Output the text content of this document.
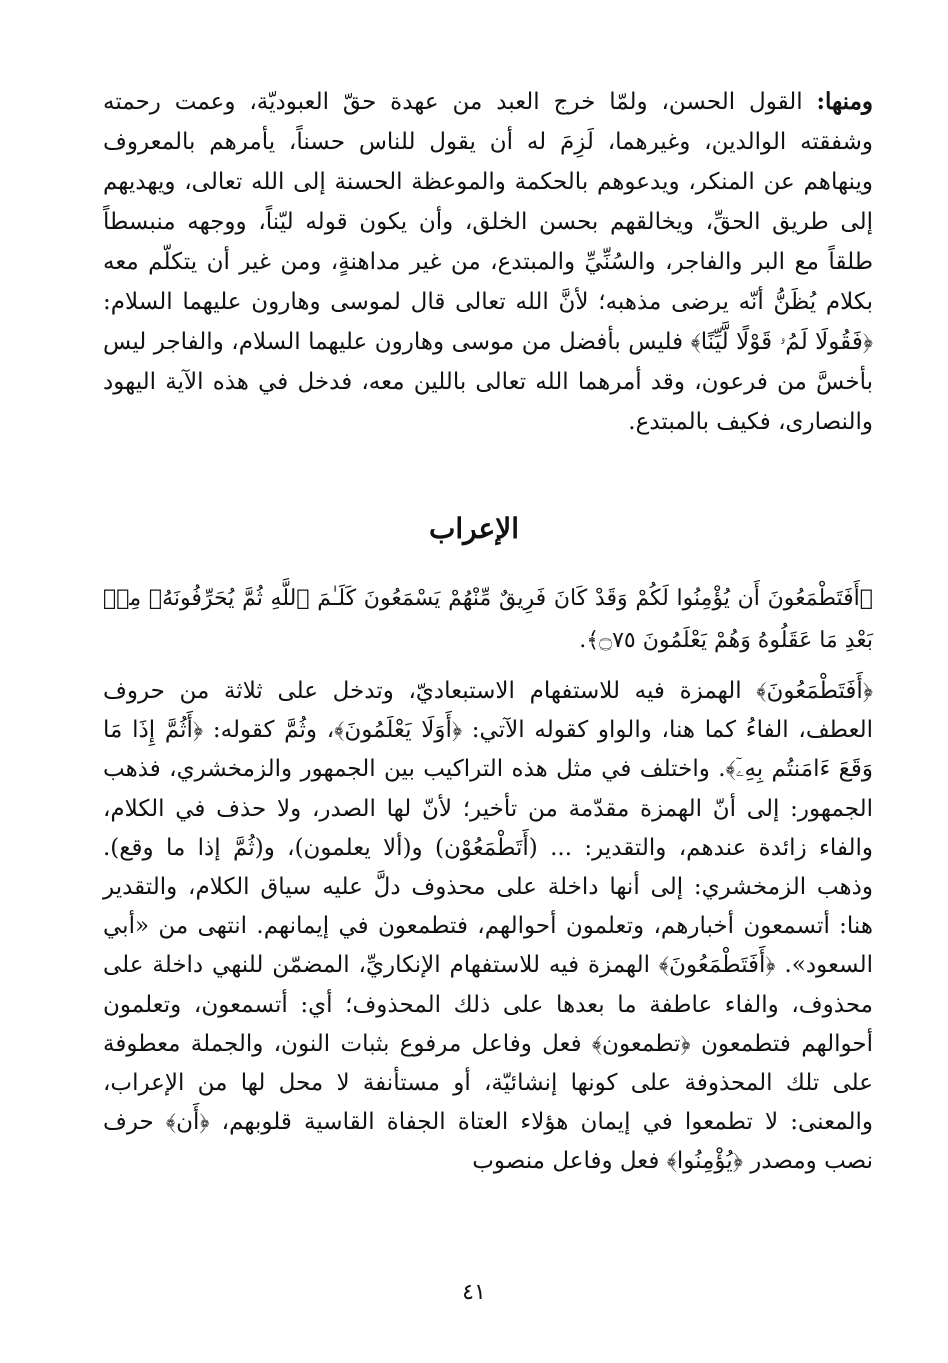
ومنها: القول الحسن، ولمّا خرج العبد من عهدة حقّ العبوديّة، وعمت رحمته وشفقته الوالدين، وغيرهما، لَزِمَ له أن يقول للناس حسناً، يأمرهم بالمعروف وينهاهم عن المنكر، ويدعوهم بالحكمة والموعظة الحسنة إلى الله تعالى، ويهديهم إلى طريق الحقِّ، ويخالقهم بحسن الخلق، وأن يكون قوله ليّناً، ووجهه منبسطاً طلقاً مع البر والفاجر، والسُنِّيِّ والمبتدع، من غير مداهنةٍ، ومن غير أن يتكلّم معه بكلام يُظَنُّ أنّه يرضى مذهبه؛ لأنَّ الله تعالى قال لموسى وهارون عليهما السلام: ﴿فَقُولَا لَمُۥ قَوْلًا لَّيِّنًا﴾ فليس بأفضل من موسى وهارون عليهما السلام، والفاجر ليس بأخسَّ من فرعون، وقد أمرهما الله تعالى باللين معه، فدخل في هذه الآية اليهود والنصارى، فكيف بالمبتدع.

الإعراب

﴿أَفَتَطْمَعُونَ أَن يُؤْمِنُوا لَكُمْ وَقَدْ كَانَ فَرِيقٌ مِّنْهُمْ يَسْمَعُونَ كَلَـٰمَ ٱللَّهِ ثُمَّ يُحَرِّفُونَهُۥ مِنۢ بَعْدِ مَا عَقَلُوهُ وَهُمْ يَعْلَمُونَ ۝٧٥﴾.

﴿أَفَتَطْمَعُونَ﴾ الهمزة فيه للاستفهام الاستبعاديّ، وتدخل على ثلاثة من حروف العطف، الفاءُ كما هنا، والواو كقوله الآتي: ﴿أَوَلَا يَعْلَمُونَ﴾، وثُمَّ كقوله: ﴿أَثُمَّ إِذَا مَا وَقَعَ ءَامَنتُم بِهِۦٓ﴾. واختلف في مثل هذه التراكيب بين الجمهور والزمخشري، فذهب الجمهور: إلى أنّ الهمزة مقدّمة من تأخير؛ لأنّ لها الصدر، ولا حذف في الكلام، والفاء زائدة عندهم، والتقدير: ... (أَتَطْمَعُوْن) و(ألا يعلمون)، و(ثُمَّ إذا ما وقع). وذهب الزمخشري: إلى أنها داخلة على محذوف دلَّ عليه سياق الكلام، والتقدير هنا: أتسمعون أخبارهم، وتعلمون أحوالهم، فتطمعون في إيمانهم. انتهى من «أبي السعود». ﴿أَفَتَطْمَعُونَ﴾ الهمزة فيه للاستفهام الإنكاريِّ، المضمّن للنهي داخلة على محذوف، والفاء عاطفة ما بعدها على ذلك المحذوف؛ أي: أتسمعون، وتعلمون أحوالهم فتطمعون ﴿تطمعون﴾ فعل وفاعل مرفوع بثبات النون، والجملة معطوفة على تلك المحذوفة على كونها إنشائيّة، أو مستأنفة لا محل لها من الإعراب، والمعنى: لا تطمعوا في إيمان هؤلاء العتاة الجفاة القاسية قلوبهم، ﴿أَن﴾ حرف نصب ومصدر ﴿يُؤْمِنُوا﴾ فعل وفاعل منصوب

٤١
